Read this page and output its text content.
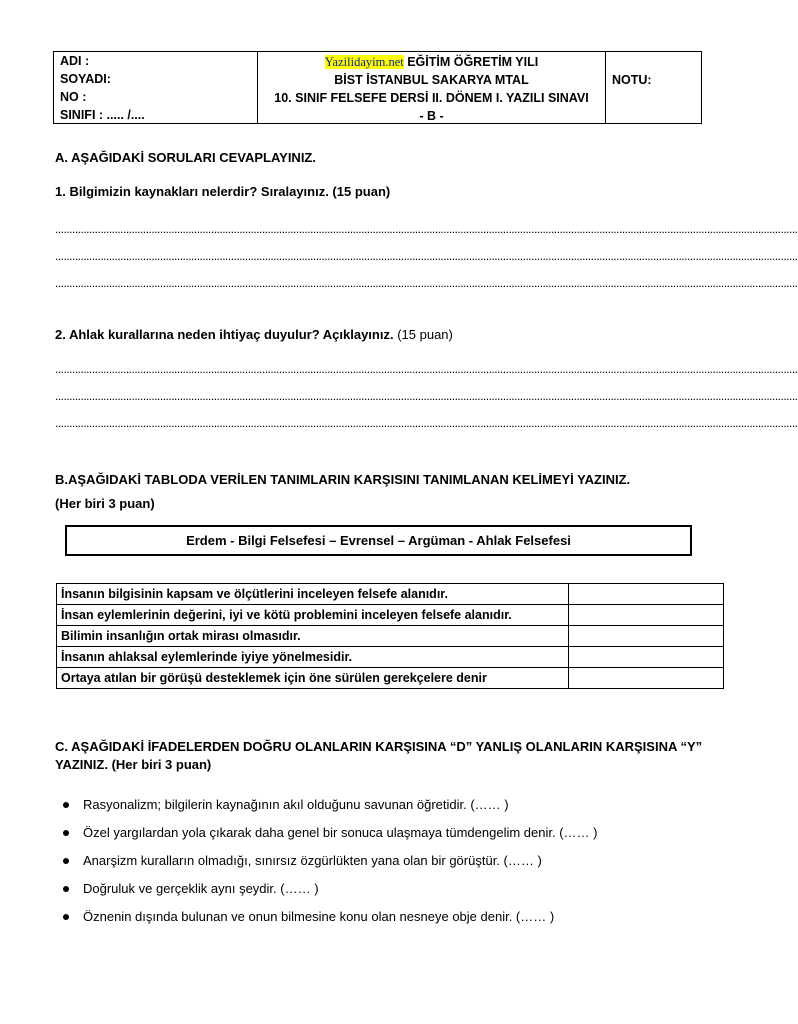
ADI :
SOYADI:
NO :
SINIFI : ..... /....
Yazilidayim.net EĞİTİM ÖĞRETİM YILI
BİST İSTANBUL SAKARYA MTAL
10. SINIF FELSEFE DERSİ II. DÖNEM I. YAZILI SINAVI
- B -
NOTU:
A. AŞAĞIDAKİ SORULARI CEVAPLAYINIZ.
1. Bilgimizin kaynakları nelerdir? Sıralayınız. (15 puan)
......................................................................................................................................................................................................................................................................
......................................................................................................................................................................................................................................................................
......................................................................................................................................................................................................................................................................
2. Ahlak kurallarına neden ihtiyaç duyulur? Açıklayınız. (15 puan)
......................................................................................................................................................................................................................................................................
......................................................................................................................................................................................................................................................................
......................................................................................................................................................................................................................................................................
B.AŞAĞIDAKİ TABLODA VERİLEN TANIMLARIN KARŞISINI TANIMLANAN KELİMEYİ YAZINIZ.
(Her biri 3 puan)
Erdem - Bilgi Felsefesi – Evrensel – Argüman - Ahlak Felsefesi
İnsanın bilgisinin kapsam ve ölçütlerini inceleyen felsefe alanıdır.	
İnsan eylemlerinin değerini, iyi ve kötü problemini inceleyen felsefe alanıdır.	
Bilimin insanlığın ortak mirası olmasıdır.	
İnsanın ahlaksal eylemlerinde iyiye yönelmesidir.	
Ortaya atılan bir görüşü desteklemek için öne sürülen gerekçelere denir	
C. AŞAĞIDAKİ İFADELERDEN DOĞRU OLANLARIN KARŞISINA “D” YANLIŞ OLANLARIN KARŞISINA “Y”
YAZINIZ. (Her biri 3 puan)
Rasyonalizm; bilgilerin kaynağının akıl olduğunu savunan öğretidir. (…… )
Özel yargılardan yola çıkarak daha genel bir sonuca ulaşmaya tümdengelim denir. (…… )
Anarşizm kuralların olmadığı, sınırsız özgürlükten yana olan bir görüştür. (…… )
Doğruluk ve gerçeklik aynı şeydir. (…… )
Öznenin dışında bulunan ve onun bilmesine konu olan nesneye obje denir. (…… )
